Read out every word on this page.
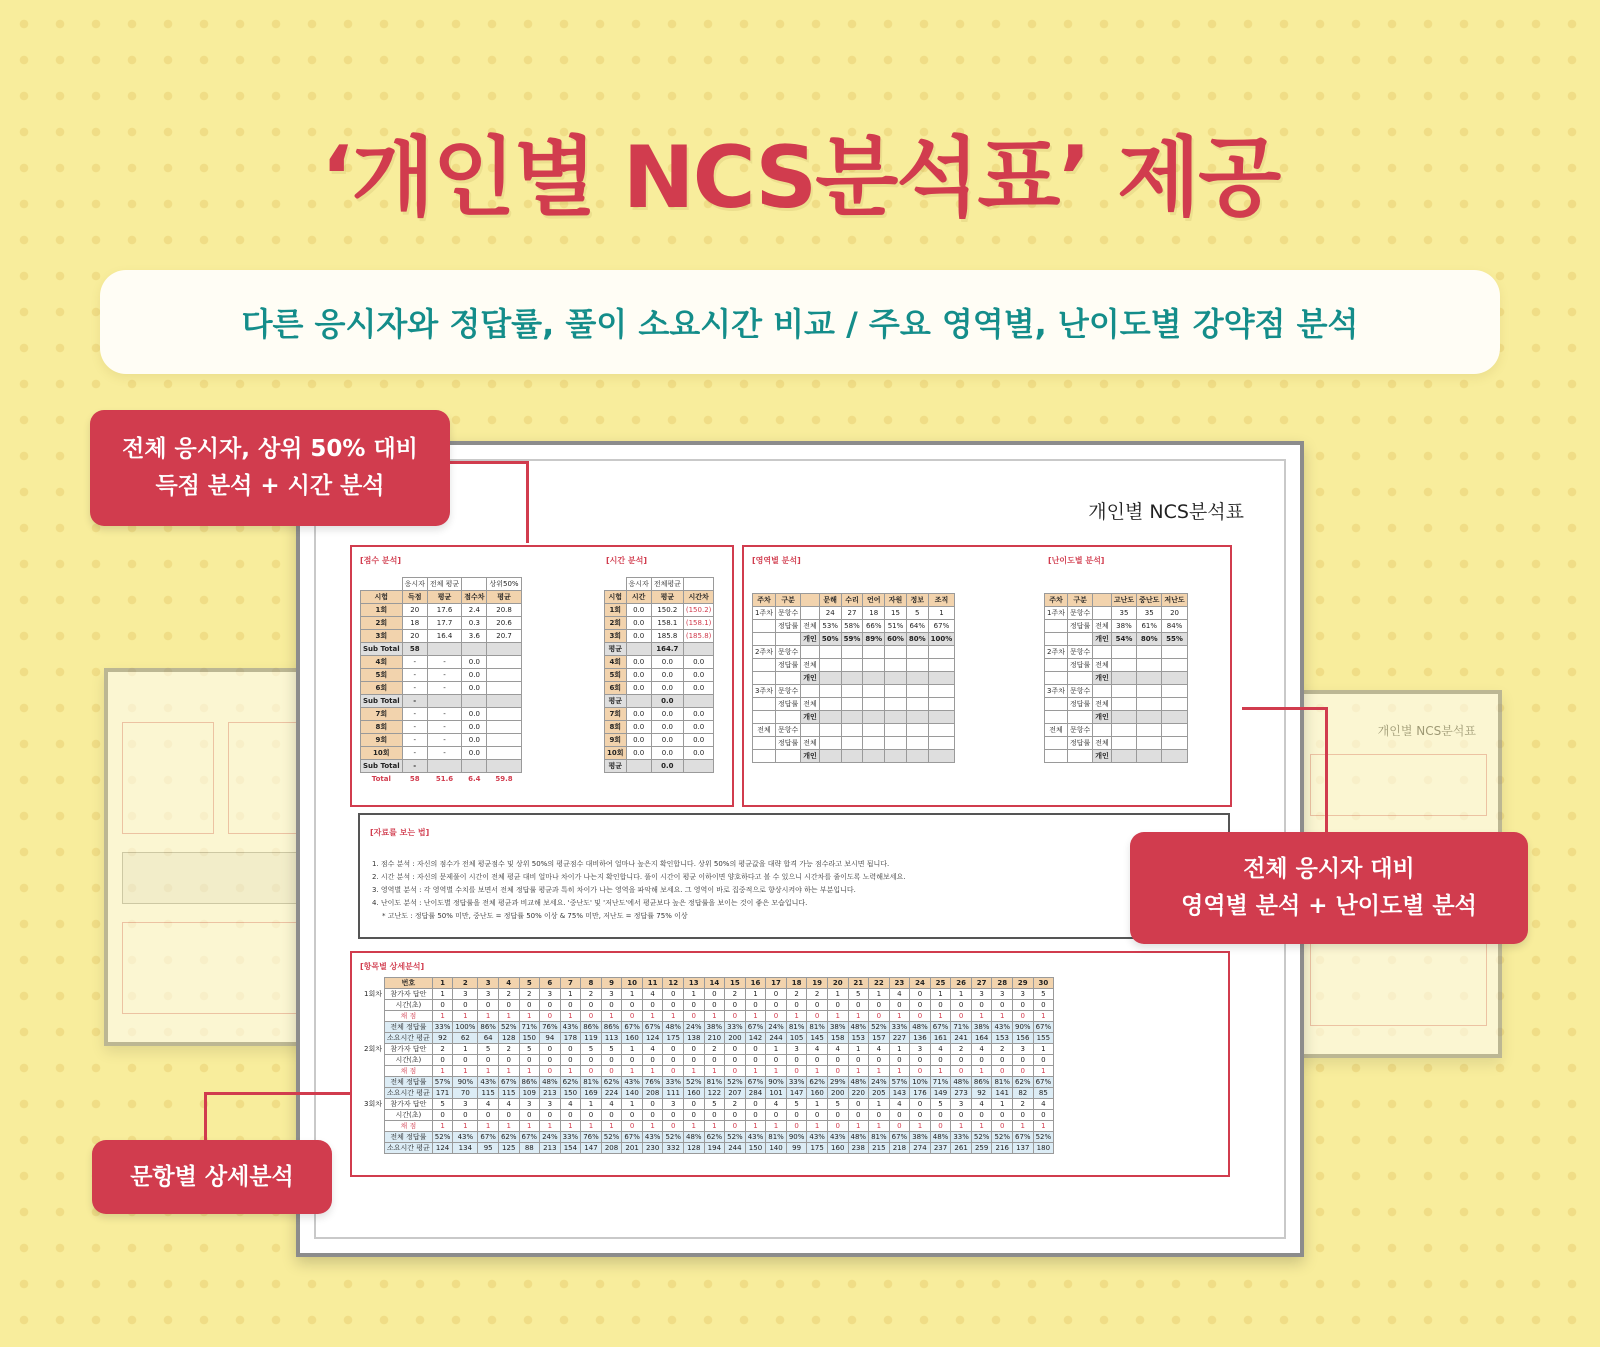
‘개인별 NCS분석표’ 제공
다른 응시자와 정답률, 풀이 소요시간 비교 / 주요 영역별, 난이도별 강약점 분석
개인별 NCS분석표
개인별 NCS분석표
[점수 분석]	[시간 분석]
	응시자	전체 평균		상위50%
시험	득점	평균	점수차	평균
1회	20	17.6	2.4	20.8
2회	18	17.7	0.3	20.6
3회	20	16.4	3.6	20.7
Sub Total	58			
4회	-	-	0.0	
5회	-	-	0.0	
6회	-	-	0.0	
Sub Total	-			
7회	-	-	0.0	
8회	-	-	0.0	
9회	-	-	0.0	
10회	-	-	0.0	
Sub Total	-			
Total	58	51.6	6.4	59.8
	응시자	전체평균	
시험	시간	평균	시간차
1회	0.0	150.2	(150.2)
2회	0.0	158.1	(158.1)
3회	0.0	185.8	(185.8)
평균		164.7	
4회	0.0	0.0	0.0
5회	0.0	0.0	0.0
6회	0.0	0.0	0.0
평균		0.0	
7회	0.0	0.0	0.0
8회	0.0	0.0	0.0
9회	0.0	0.0	0.0
10회	0.0	0.0	0.0
평균		0.0	
[영역별 분석]	[난이도별 분석]
주차	구분		문해	수리	언어	자원	정보	조직
1주차	문항수		24	27	18	15	5	1
	정답률	전체	53%	58%	66%	51%	64%	67%
		개인	50%	59%	89%	60%	80%	100%
2주차	문항수							
	정답률	전체						
		개인						
3주차	문항수							
	정답률	전체						
		개인						
전체	문항수							
	정답률	전체						
		개인						
주차	구분		고난도	중난도	저난도
1주차	문항수		35	35	20
	정답률	전체	38%	61%	84%
		개인	54%	80%	55%
2주차	문항수				
	정답률	전체			
		개인			
3주차	문항수				
	정답률	전체			
		개인			
전체	문항수				
	정답률	전체			
		개인			
[자료를 보는 법]
1. 점수 분석 : 자신의 점수가 전체 평균점수 및 상위 50%의 평균점수 대비하여 얼마나 높은지 확인합니다. 상위 50%의 평균값을 대략 합격 가능 점수라고 보시면 됩니다.
2. 시간 분석 : 자신의 문제풀이 시간이 전체 평균 대비 얼마나 차이가 나는지 확인합니다. 풀이 시간이 평균 이하이면 양호하다고 볼 수 있으니 시간차를 줄이도록 노력해보세요.
3. 영역별 분석 : 각 영역별 수치를 보면서 전체 정답률 평균과 특히 차이가 나는 영역을 파악해 보세요. 그 영역이 바로 집중적으로 향상시켜야 하는 부분입니다.
4. 난이도 분석 : 난이도별 정답률을 전체 평균과 비교해 보세요. '중난도' 및 '저난도'에서 평균보다 높은 정답률을 보이는 것이 좋은 모습입니다.
* 고난도 : 정답률 50% 미만, 중난도 = 정답률 50% 이상 & 75% 미만, 저난도 = 정답률 75% 이상
[항목별 상세분석]
	번호	1	2	3	4	5	6	7	8	9	10	11	12	13	14	15	16	17	18	19	20	21	22	23	24	25	26	27	28	29	30
1회차	참가자 답안	1	3	3	2	2	3	1	2	3	1	4	0	1	0	2	1	0	2	2	1	5	1	4	0	1	1	3	3	3	5
	시간(초)	0	0	0	0	0	0	0	0	0	0	0	0	0	0	0	0	0	0	0	0	0	0	0	0	0	0	0	0	0	0
	채 점	1	1	1	1	1	0	1	0	1	0	1	1	0	1	0	1	0	1	0	1	1	0	1	0	1	0	1	1	0	1
	전체 정답률	33%	100%	86%	52%	71%	76%	43%	86%	86%	67%	67%	48%	24%	38%	33%	67%	24%	81%	81%	38%	48%	52%	33%	48%	67%	71%	38%	43%	90%	67%
	소요시간 평균	92	62	64	128	150	94	178	119	113	160	124	175	138	210	200	142	244	105	145	158	153	157	227	136	161	241	164	153	156	155
2회차	참가자 답안	2	1	5	2	5	0	0	5	5	1	4	0	0	2	0	0	1	3	4	4	1	4	1	3	4	2	4	2	3	1
	시간(초)	0	0	0	0	0	0	0	0	0	0	0	0	0	0	0	0	0	0	0	0	0	0	0	0	0	0	0	0	0	0
	채 점	1	1	1	1	1	0	1	0	0	1	1	0	1	1	0	1	1	0	1	0	1	1	1	0	1	0	1	0	0	1
	전체 정답률	57%	90%	43%	67%	86%	48%	62%	81%	62%	43%	76%	33%	52%	81%	52%	67%	90%	33%	62%	29%	48%	24%	57%	10%	71%	48%	86%	81%	62%	67%
	소요시간 평균	171	70	115	115	109	213	150	169	224	140	208	111	160	122	207	284	101	147	160	200	220	205	143	176	149	273	92	141	82	85
3회차	참가자 답안	5	3	4	4	3	3	4	1	4	1	0	3	0	5	2	0	4	5	1	5	0	1	4	0	5	3	4	1	2	4
	시간(초)	0	0	0	0	0	0	0	0	0	0	0	0	0	0	0	0	0	0	0	0	0	0	0	0	0	0	0	0	0	0
	채 점	1	1	1	1	1	1	1	1	1	0	1	0	1	1	0	1	1	0	1	0	1	1	0	1	0	1	1	0	1	1
	전체 정답률	52%	43%	67%	62%	67%	24%	33%	76%	52%	67%	43%	52%	48%	62%	52%	43%	81%	90%	43%	43%	48%	81%	67%	38%	48%	33%	52%	52%	67%	52%
	소요시간 평균	124	134	95	125	88	213	154	147	208	201	230	332	128	194	244	150	140	99	175	160	238	215	218	274	237	261	259	216	137	180
전체 응시자, 상위 50% 대비
득점 분석 + 시간 분석
전체 응시자 대비
영역별 분석 + 난이도별 분석
문항별 상세분석
